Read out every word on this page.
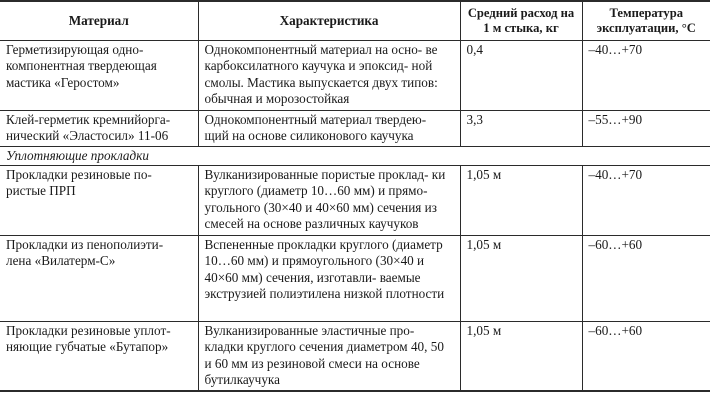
Материал	Характеристика	Средний расход на 1 м стыка, кг	Температура эксплуатации, °С
Герметизирующая одно- компонентная твердеющая мастика «Геростом»	Однокомпонентный материал на осно- ве карбоксилатного каучука и эпоксид- ной смолы. Мастика выпускается двух типов: обычная и морозостойкая	0,4	–40…+70
Клей-герметик кремнийорга- нический «Эластосил» 11-06	Однокомпонентный материал твердею- щий на основе силиконового каучука	3,3	–55…+90
Уплотняющие прокладки			
Прокладки резиновые по- ристые ПРП	Вулканизированные пористые проклад- ки круглого (диаметр 10…60 мм) и прямо- угольного (30×40 и 40×60 мм) сечения из смесей на основе различных каучуков	1,05 м	–40…+70
Прокладки из пенополиэти- лена «Вилатерм-С»	Вспененные прокладки круглого (диаметр 10…60 мм) и прямоугольного (30×40 и 40×60 мм) сечения, изготавли- ваемые экструзией полиэтилена низкой плотности	1,05 м	–60…+60
Прокладки резиновые уплот- няющие губчатые «Бутапор»	Вулканизированные эластичные про- кладки круглого сечения диаметром 40, 50 и 60 мм из резиновой смеси на основе бутилкаучука	1,05 м	–60…+60
